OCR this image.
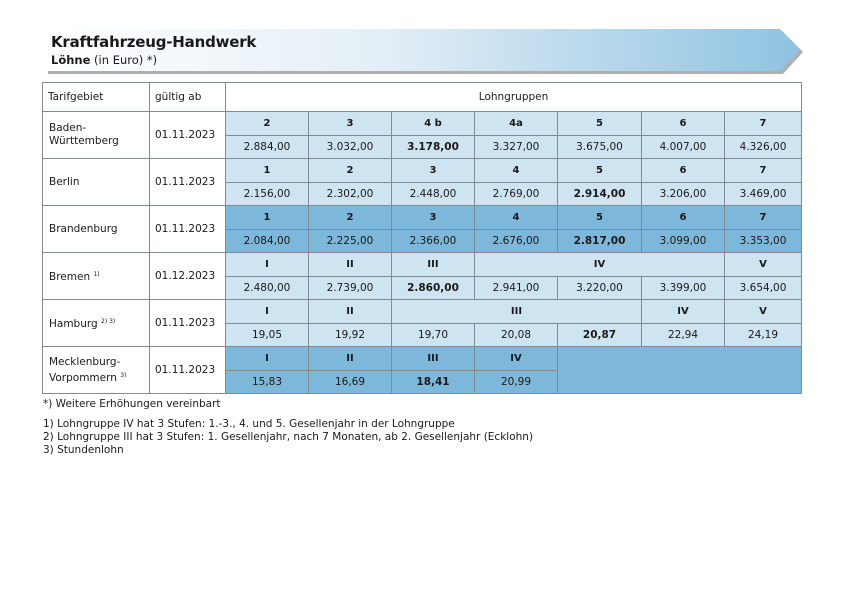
Kraftfahrzeug-Handwerk
Löhne (in Euro) *)
Tarifgebiet	gültig ab	Lohngruppen						
Baden-
Württemberg	01.11.2023	2	3	4 b	4a	5	6	7
		2.884,00	3.032,00	3.178,00	3.327,00	3.675,00	4.007,00	4.326,00
Berlin	01.11.2023	1	2	3	4	5	6	7
		2.156,00	2.302,00	2.448,00	2.769,00	2.914,00	3.206,00	3.469,00
Brandenburg	01.11.2023	1	2	3	4	5	6	7
		2.084,00	2.225,00	2.366,00	2.676,00	2.817,00	3.099,00	3.353,00
Bremen $^{1)}$	01.12.2023	I	II	III	IV			V
		2.480,00	2.739,00	2.860,00	2.941,00	3.220,00	3.399,00	3.654,00
Hamburg $^{2) 3)}$	01.11.2023	I	II	III			IV	V
		19,05	19,92	19,70	20,08	20,87	22,94	24,19
Mecklenburg-
Vorpommern $^{3)}$	01.11.2023	I	II	III	IV			
		15,83	16,69	18,41	20,99			
*) Weitere Erhöhungen vereinbart
1) Lohngruppe IV hat 3 Stufen: 1.-3., 4. und 5. Gesellenjahr in der Lohngruppe
2) Lohngruppe III hat 3 Stufen: 1. Gesellenjahr, nach 7 Monaten, ab 2. Gesellenjahr (Ecklohn)
3) Stundenlohn
